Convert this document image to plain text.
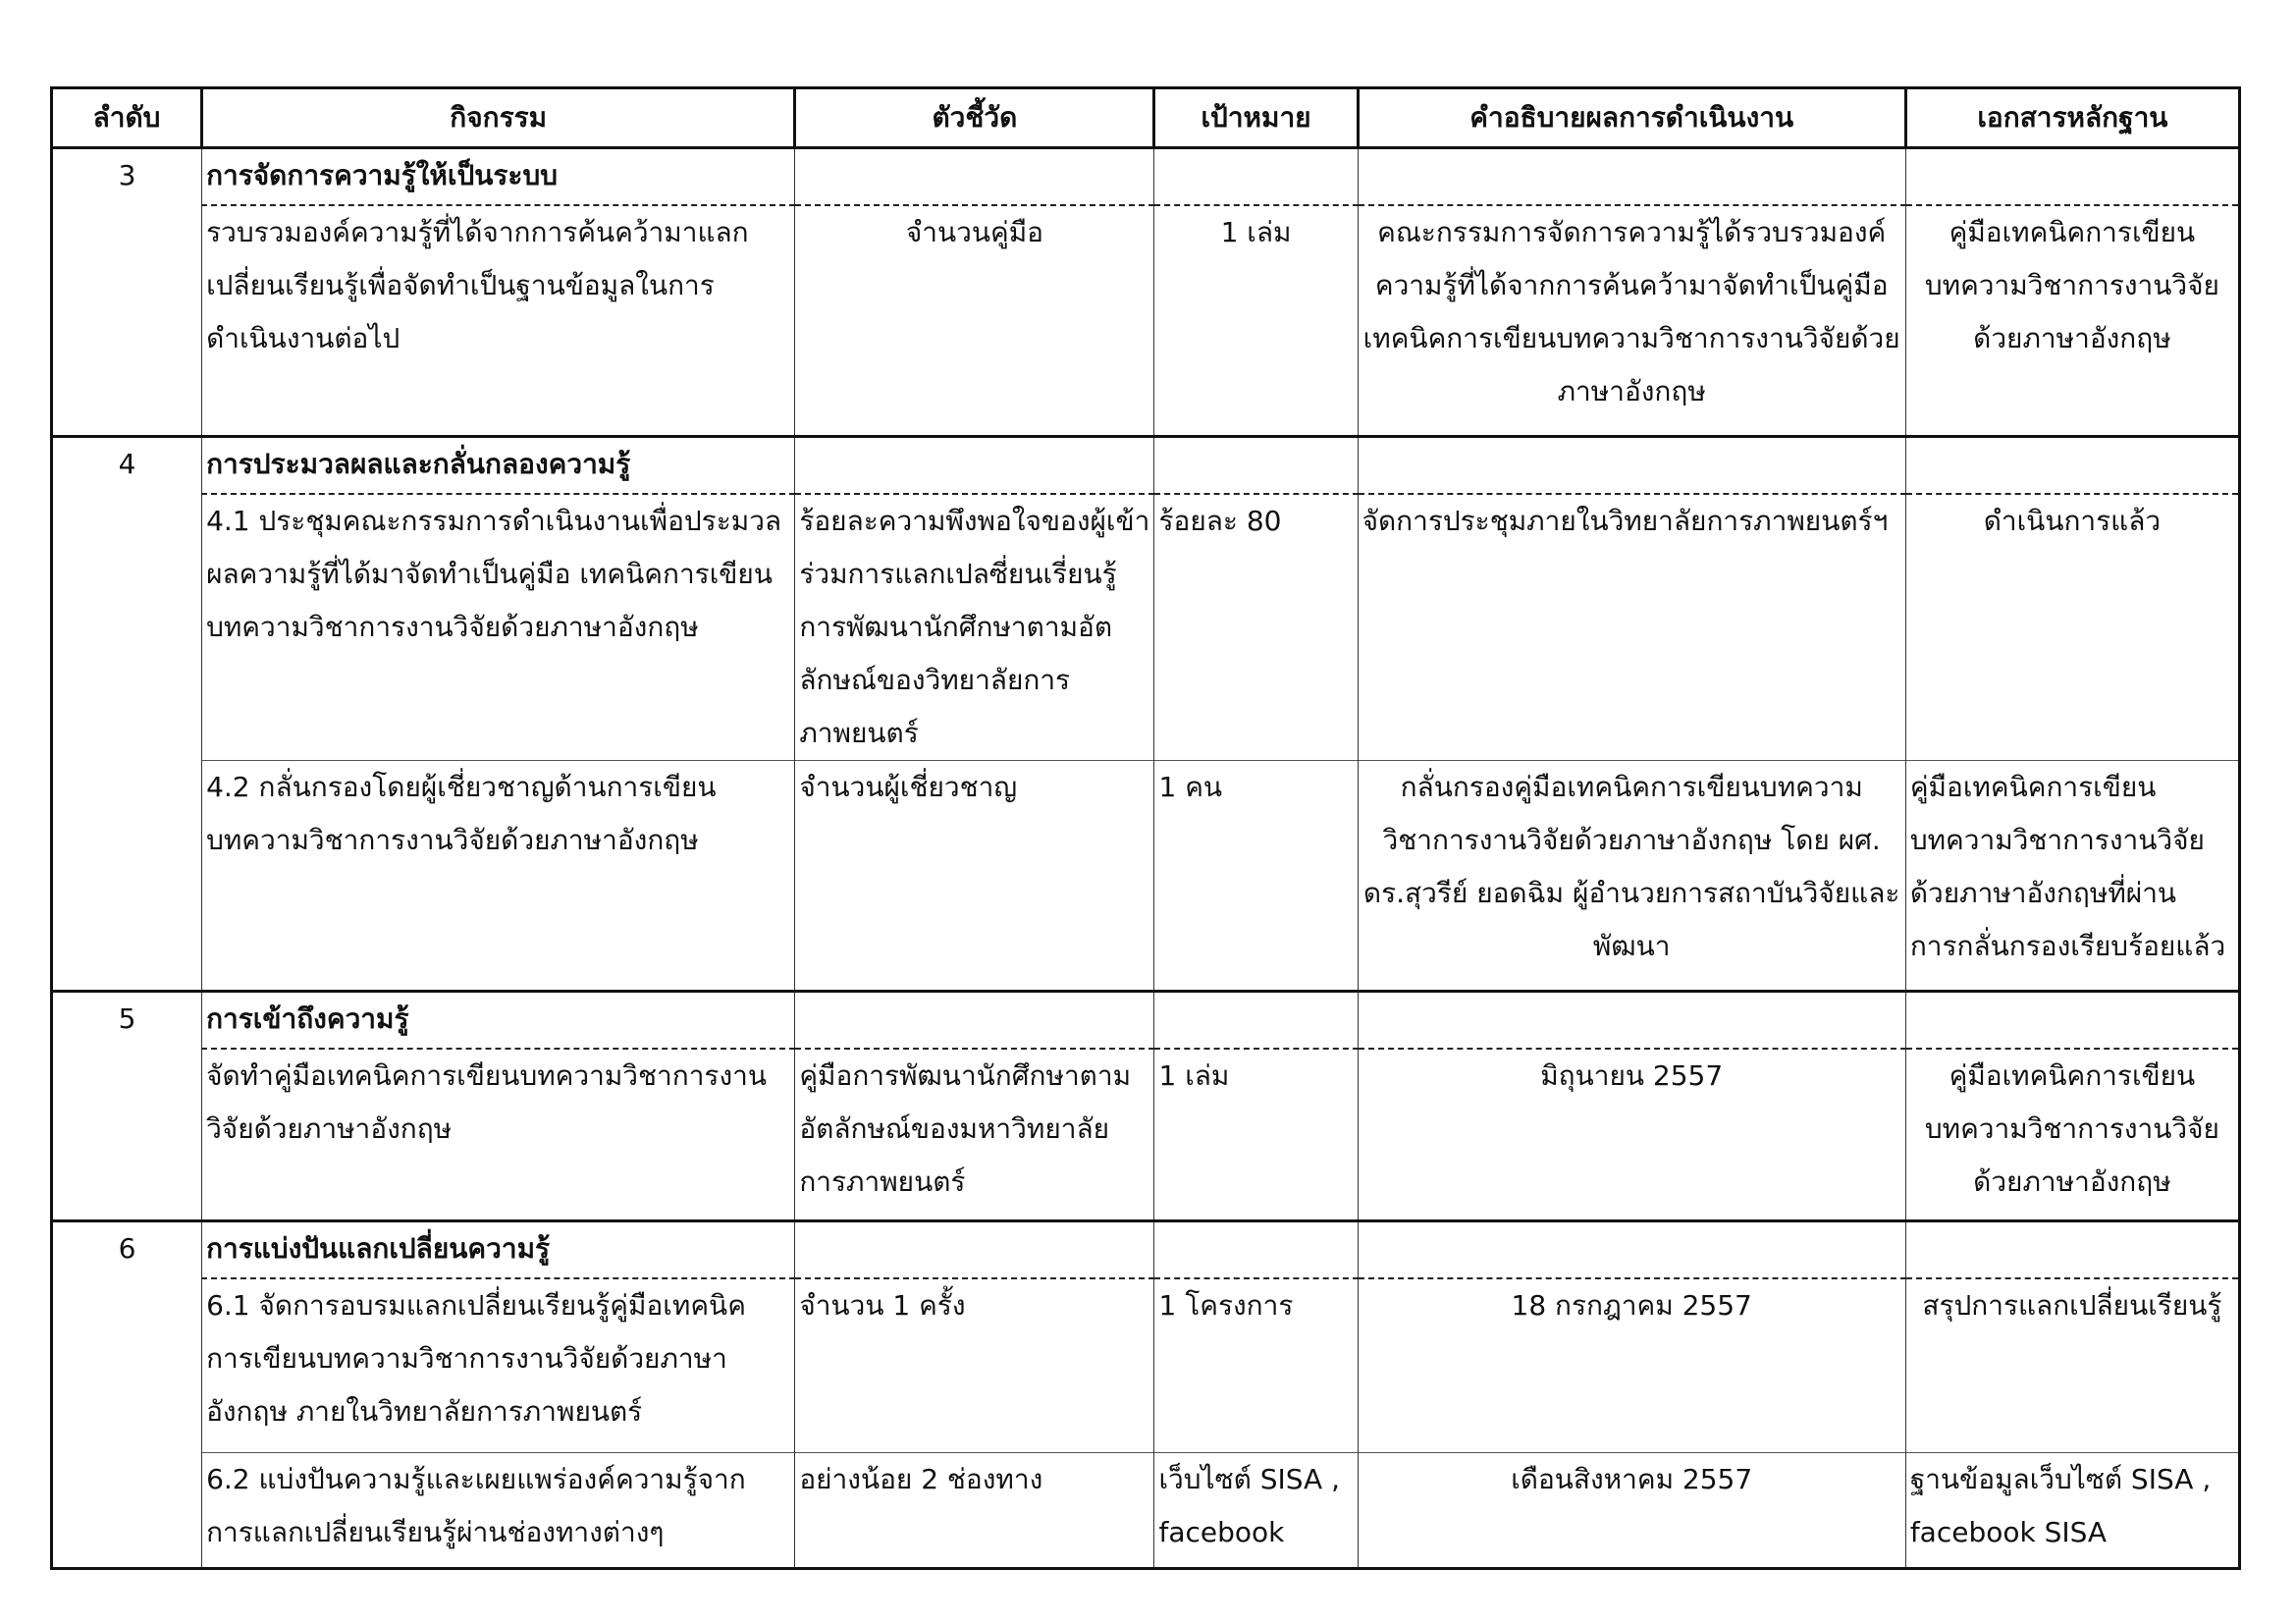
ลำดับ	กิจกรรม	ตัวชี้วัด	เป้าหมาย	คำอธิบายผลการดำเนินงาน	เอกสารหลักฐาน
3	การจัดการความรู้ให้เป็นระบบ				
	รวบรวมองค์ความรู้ที่ได้จากการค้นคว้ามาแลกเปลี่ยนเรียนรู้เพื่อจัดทำเป็นฐานข้อมูลในการดำเนินงานต่อไป	จำนวนคู่มือ	1 เล่ม	คณะกรรมการจัดการความรู้ได้รวบรวมองค์ความรู้ที่ได้จากการค้นคว้ามาจัดทำเป็นคู่มือเทคนิคการเขียนบทความวิชาการงานวิจัยด้วยภาษาอังกฤษ	คู่มือเทคนิคการเขียนบทความวิชาการงานวิจัยด้วยภาษาอังกฤษ
4	การประมวลผลและกลั่นกลองความรู้				
	4.1 ประชุมคณะกรรมการดำเนินงานเพื่อประมวลผลความรู้ที่ได้มาจัดทำเป็นคู่มือ เทคนิคการเขียนบทความวิชาการงานวิจัยด้วยภาษาอังกฤษ	ร้อยละความพึงพอใจของผู้เข้าร่วมการแลกเปลซี่ยนเรี่ยนรู้การพัฒนานักศึกษาตามอัตลักษณ์ของวิทยาลัยการภาพยนตร์	ร้อยละ 80	จัดการประชุมภายในวิทยาลัยการภาพยนตร์ฯ	ดำเนินการแล้ว
	4.2 กลั่นกรองโดยผู้เชี่ยวชาญด้านการเขียนบทความวิชาการงานวิจัยด้วยภาษาอังกฤษ	จำนวนผู้เชี่ยวชาญ	1 คน	กลั่นกรองคู่มือเทคนิคการเขียนบทความวิชาการงานวิจัยด้วยภาษาอังกฤษ โดย ผศ. ดร.สุวรีย์ ยอดฉิม ผู้อำนวยการสถาบันวิจัยและพัฒนา	คู่มือเทคนิคการเขียนบทความวิชาการงานวิจัยด้วยภาษาอังกฤษที่ผ่านการกลั่นกรองเรียบร้อยแล้ว
5	การเข้าถึงความรู้				
	จัดทำคู่มือเทคนิคการเขียนบทความวิชาการงานวิจัยด้วยภาษาอังกฤษ	คู่มือการพัฒนานักศึกษาตามอัตลักษณ์ของมหาวิทยาลัยการภาพยนตร์	1 เล่ม	มิถุนายน 2557	คู่มือเทคนิคการเขียนบทความวิชาการงานวิจัยด้วยภาษาอังกฤษ
6	การแบ่งปันแลกเปลี่ยนความรู้				
	6.1 จัดการอบรมแลกเปลี่ยนเรียนรู้คู่มือเทคนิคการเขียนบทความวิชาการงานวิจัยด้วยภาษาอังกฤษ ภายในวิทยาลัยการภาพยนตร์	จำนวน 1 ครั้ง	1 โครงการ	18 กรกฎาคม 2557	สรุปการแลกเปลี่ยนเรียนรู้
	6.2 แบ่งปันความรู้และเผยแพร่องค์ความรู้จากการแลกเปลี่ยนเรียนรู้ผ่านช่องทางต่างๆ	อย่างน้อย 2 ช่องทาง	เว็บไซต์ SISA , facebook	เดือนสิงหาคม 2557	ฐานข้อมูลเว็บไซต์ SISA , facebook SISA
